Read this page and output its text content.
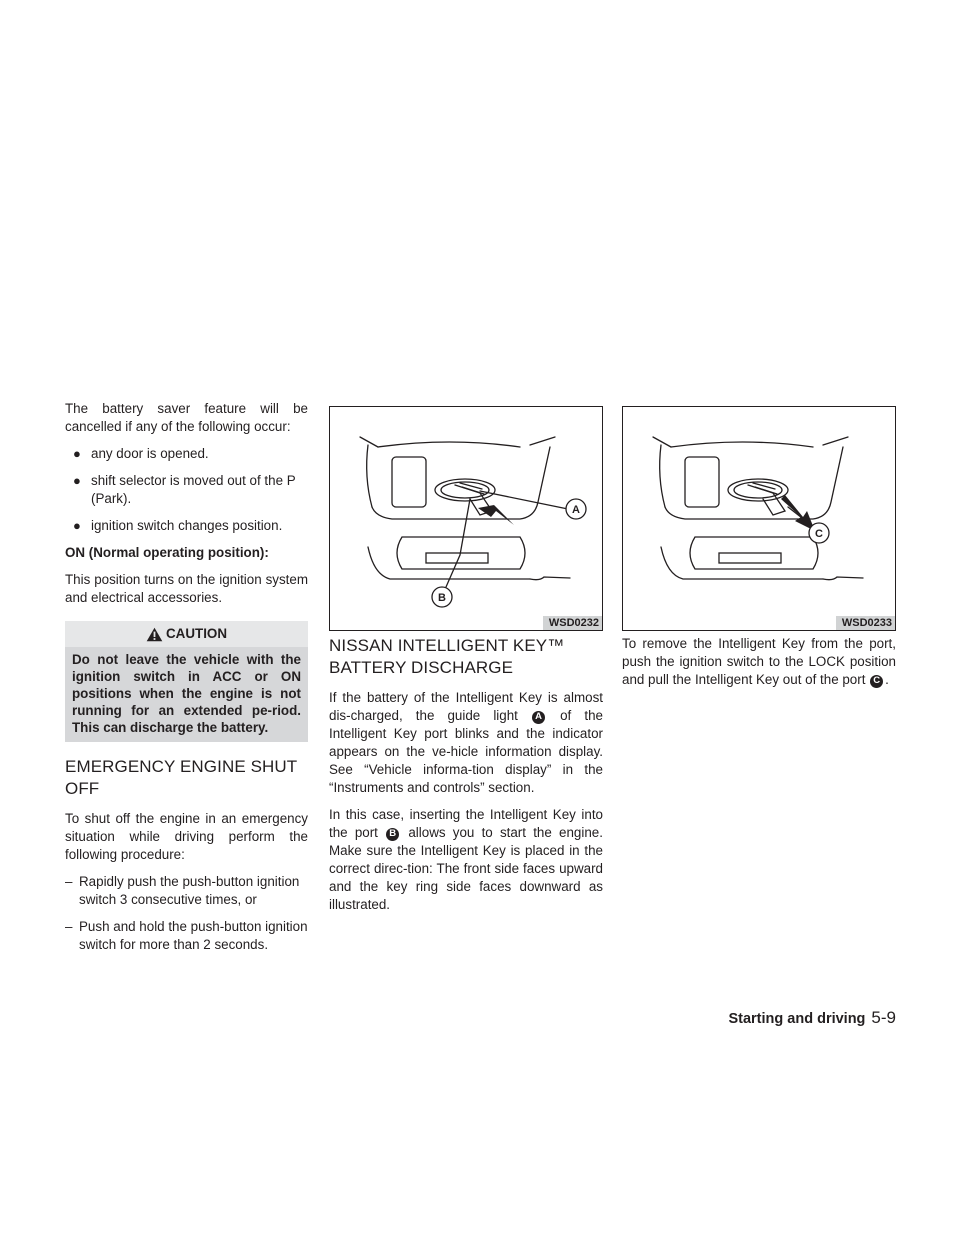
The battery saver feature will be cancelled if any of the following occur:

● any door is opened.
● shift selector is moved out of the P (Park).
● ignition switch changes position.
ON (Normal operating position):

This position turns on the ignition system and electrical accessories.

CAUTION
Do not leave the vehicle with the ignition switch in ACC or ON positions when the engine is not running for an extended pe-riod. This can discharge the battery.
EMERGENCY ENGINE SHUT OFF

To shut off the engine in an emergency situation while driving perform the following procedure:

– Rapidly push the push-button ignition switch 3 consecutive times, or
– Push and hold the push-button ignition switch for more than 2 seconds.
A
B
WSD0232
NISSAN INTELLIGENT KEY™
BATTERY DISCHARGE

If the battery of the Intelligent Key is almost dis-charged, the guide light A of the Intelligent Key port blinks and the indicator appears on the ve-hicle information display. See “Vehicle informa-tion display” in the “Instruments and controls” section.

In this case, inserting the Intelligent Key into the port B allows you to start the engine. Make sure the Intelligent Key is placed in the correct direc-tion: The front side faces upward and the key ring side faces downward as illustrated.

C
WSD0233

To remove the Intelligent Key from the port, push the ignition switch to the LOCK position and pull the Intelligent Key out of the port C .

Starting and driving 5-9
